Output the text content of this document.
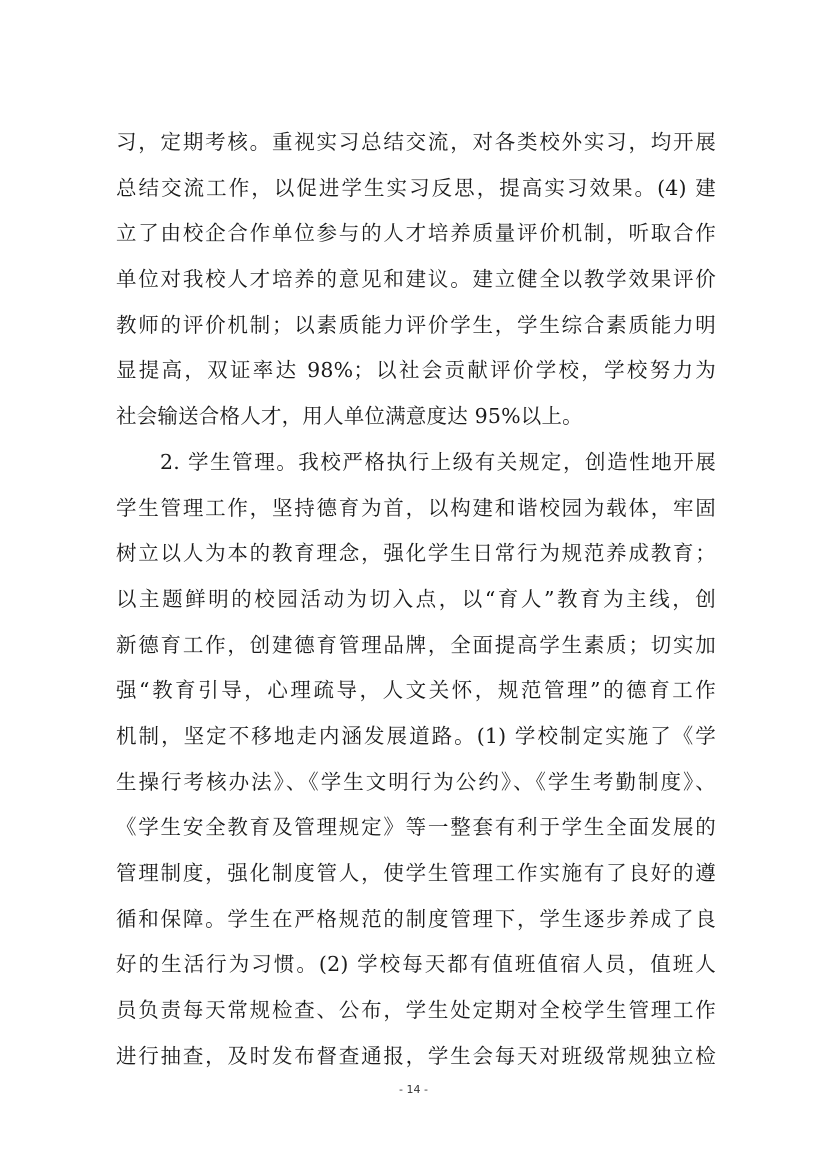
习，定期考核。重视实习总结交流，对各类校外实习，均开展
总结交流工作，以促进学生实习反思，提高实习效果。(4) 建
立了由校企合作单位参与的人才培养质量评价机制，听取合作
单位对我校人才培养的意见和建议。建立健全以教学效果评价
教师的评价机制；以素质能力评价学生，学生综合素质能力明
显提高，双证率达 98%；以社会贡献评价学校，学校努力为
社会输送合格人才，用人单位满意度达 95%以上。
2. 学生管理。我校严格执行上级有关规定，创造性地开展
学生管理工作，坚持德育为首，以构建和谐校园为载体，牢固
树立以人为本的教育理念，强化学生日常行为规范养成教育；
以主题鲜明的校园活动为切入点，以“育人”教育为主线，创
新德育工作，创建德育管理品牌，全面提高学生素质；切实加
强“教育引导，心理疏导，人文关怀，规范管理”的德育工作
机制，坚定不移地走内涵发展道路。(1) 学校制定实施了《学
生操行考核办法》、《学生文明行为公约》、《学生考勤制度》、
《学生安全教育及管理规定》等一整套有利于学生全面发展的
管理制度，强化制度管人，使学生管理工作实施有了良好的遵
循和保障。学生在严格规范的制度管理下，学生逐步养成了良
好的生活行为习惯。(2) 学校每天都有值班值宿人员，值班人
员负责每天常规检查、公布，学生处定期对全校学生管理工作
进行抽查，及时发布督查通报，学生会每天对班级常规独立检
- 14 -
